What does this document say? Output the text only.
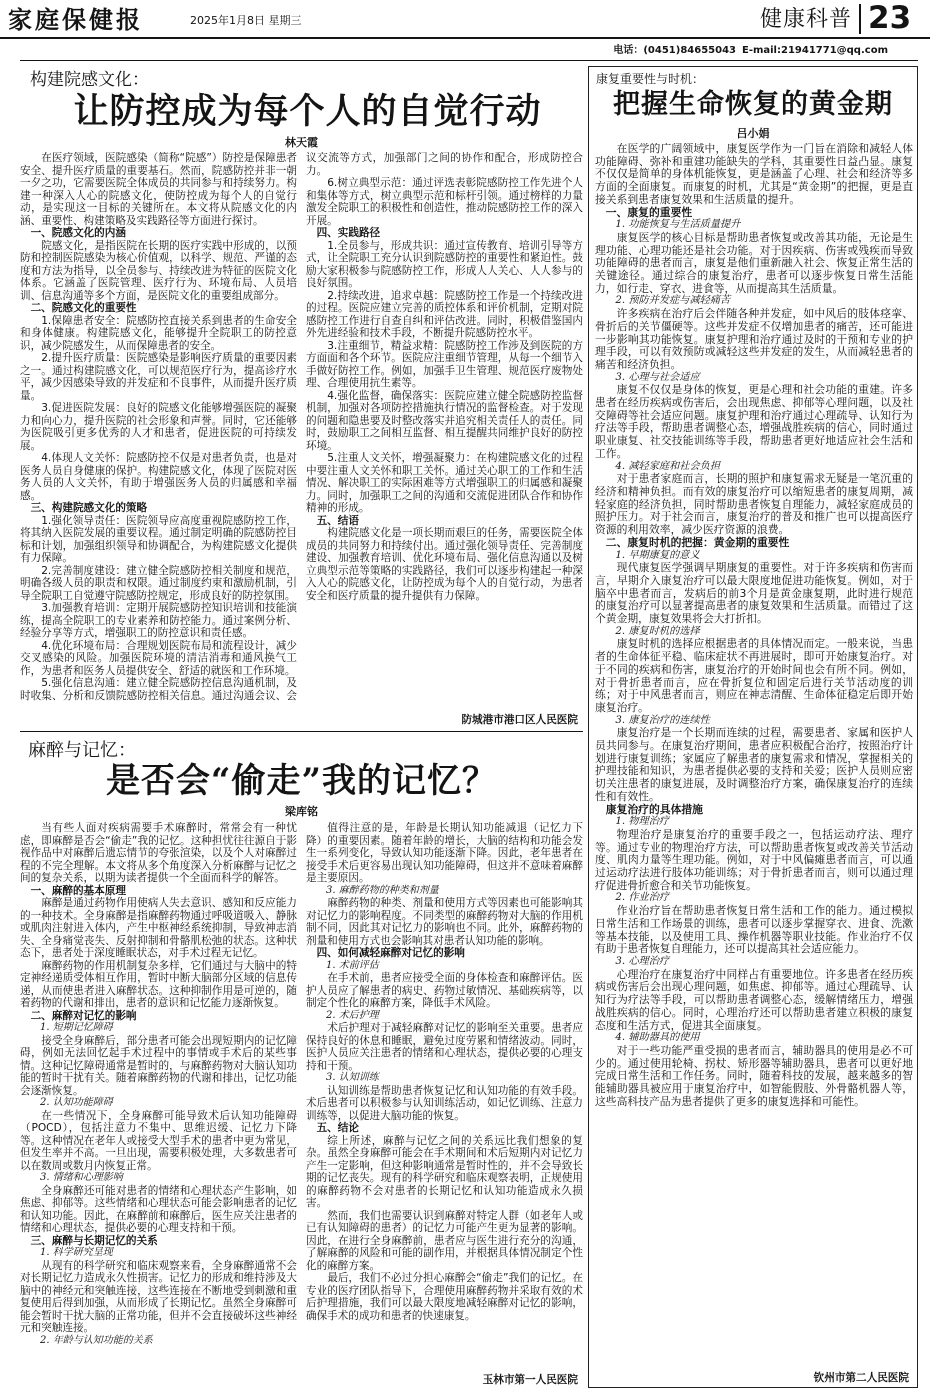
家庭保健报	2025年1月8日 星期三	健康科普 23
电话：(0451)84655043 E-mail:21941771@qq.com
构建院感文化：
让防控成为每个人的自觉行动
林天霞

在医疗领域，医院感染（简称“院感”）防控是保障患者安全、提升医疗质量的重要基石。然而，院感防控并非一朝一夕之功，它需要医院全体成员的共同参与和持续努力。构建一种深入人心的院感文化，使防控成为每个人的自觉行动，是实现这一目标的关键所在。本文将从院感文化的内涵、重要性、构建策略及实践路径等方面进行探讨。

一、院感文化的内涵

院感文化，是指医院在长期的医疗实践中形成的，以预防和控制医院感染为核心价值观，以科学、规范、严谨的态度和方法为指导，以全员参与、持续改进为特征的医院文化体系。它涵盖了医院管理、医疗行为、环境布局、人员培训、信息沟通等多个方面，是医院文化的重要组成部分。

二、院感文化的重要性

1.保障患者安全：院感防控直接关系到患者的生命安全和身体健康。构建院感文化，能够提升全院职工的防控意识，减少院感发生，从而保障患者的安全。

2.提升医疗质量：医院感染是影响医疗质量的重要因素之一。通过构建院感文化，可以规范医疗行为，提高诊疗水平，减少因感染导致的并发症和不良事件，从而提升医疗质量。

3.促进医院发展：良好的院感文化能够增强医院的凝聚力和向心力，提升医院的社会形象和声誉。同时，它还能够为医院吸引更多优秀的人才和患者，促进医院的可持续发展。

4.体现人文关怀：院感防控不仅是对患者负责，也是对医务人员自身健康的保护。构建院感文化，体现了医院对医务人员的人文关怀，有助于增强医务人员的归属感和幸福感。

三、构建院感文化的策略

1.强化领导责任：医院领导应高度重视院感防控工作，将其纳入医院发展的重要议程。通过制定明确的院感防控目标和计划，加强组织领导和协调配合，为构建院感文化提供有力保障。

2.完善制度建设：建立健全院感防控相关制度和规范，明确各级人员的职责和权限。通过制度约束和激励机制，引导全院职工自觉遵守院感防控规定，形成良好的防控氛围。

3.加强教育培训：定期开展院感防控知识培训和技能演练，提高全院职工的专业素养和防控能力。通过案例分析、经验分享等方式，增强职工的防控意识和责任感。

4.优化环境布局：合理规划医院布局和流程设计，减少交叉感染的风险。加强医院环境的清洁消毒和通风换气工作，为患者和医务人员提供安全、舒适的就医和工作环境。

5.强化信息沟通：建立健全院感防控信息沟通机制，及时收集、分析和反馈院感防控相关信息。通过沟通会议、会议交流等方式，加强部门之间的协作和配合，形成防控合力。

6.树立典型示范：通过评选表彰院感防控工作先进个人和集体等方式，树立典型示范和标杆引领。通过榜样的力量激发全院职工的积极性和创造性，推动院感防控工作的深入开展。

四、实践路径

1.全员参与，形成共识：通过宣传教育、培训引导等方式，让全院职工充分认识到院感防控的重要性和紧迫性。鼓励大家积极参与院感防控工作，形成人人关心、人人参与的良好氛围。

2.持续改进，追求卓越：院感防控工作是一个持续改进的过程。医院应建立完善的质控体系和评价机制，定期对院感防控工作进行自查自纠和评估改进。同时，积极借鉴国内外先进经验和技术手段，不断提升院感防控水平。

3.注重细节，精益求精：院感防控工作涉及到医院的方方面面和各个环节。医院应注重细节管理，从每一个细节入手做好防控工作。例如，加强手卫生管理、规范医疗废物处理、合理使用抗生素等。

4.强化监督，确保落实：医院应建立健全院感防控监督机制，加强对各项防控措施执行情况的监督检查。对于发现的问题和隐患要及时整改落实并追究相关责任人的责任。同时，鼓励职工之间相互监督、相互提醒共同维护良好的防控环境。

5.注重人文关怀，增强凝聚力：在构建院感文化的过程中要注重人文关怀和职工关怀。通过关心职工的工作和生活情况、解决职工的实际困难等方式增强职工的归属感和凝聚力。同时，加强职工之间的沟通和交流促进团队合作和协作精神的形成。

五、结语

构建院感文化是一项长期而艰巨的任务，需要医院全体成员的共同努力和持续付出。通过强化领导责任、完善制度建设、加强教育培训、优化环境布局、强化信息沟通以及树立典型示范等策略的实践路径，我们可以逐步构建起一种深入人心的院感文化，让防控成为每个人的自觉行动，为患者安全和医疗质量的提升提供有力保障。

防城港市港口区人民医院
麻醉与记忆：
是否会“偷走”我的记忆？
梁库铭

当有些人面对疾病需要手术麻醉时，常常会有一种忧虑，即麻醉是否会“偷走”我的记忆。这种担忧往往源自于影视作品中对麻醉后遗忘情节的夸张渲染，以及个人对麻醉过程的不完全理解。本文将从多个角度深入分析麻醉与记忆之间的复杂关系，以期为读者提供一个全面而科学的解答。

一、麻醉的基本原理

麻醉是通过药物作用使病人失去意识、感知和反应能力的一种技术。全身麻醉是指麻醉药物通过呼吸道吸入、静脉或肌肉注射进入体内，产生中枢神经系统抑制，导致神志消失、全身痛觉丧失、反射抑制和骨骼肌松弛的状态。这种状态下，患者处于深度睡眠状态，对手术过程无记忆。

麻醉药物的作用机制复杂多样，它们通过与大脑中的特定神经递质受体相互作用，暂时中断大脑部分区域的信息传递，从而使患者进入麻醉状态。这种抑制作用是可逆的，随着药物的代谢和排出，患者的意识和记忆能力逐渐恢复。

二、麻醉对记忆的影响

1. 短期记忆障碍

接受全身麻醉后，部分患者可能会出现短期内的记忆障碍，例如无法回忆起手术过程中的事情或手术后的某些事情。这种记忆障碍通常是暂时的，与麻醉药物对大脑认知功能的暂时干扰有关。随着麻醉药物的代谢和排出，记忆功能会逐渐恢复。

2. 认知功能障碍

在一些情况下，全身麻醉可能导致术后认知功能障碍（POCD），包括注意力不集中、思维迟缓、记忆力下降等。这种情况在老年人或接受大型手术的患者中更为常见，但发生率并不高。一旦出现，需要积极处理，大多数患者可以在数周或数月内恢复正常。

3. 情绪和心理影响

全身麻醉还可能对患者的情绪和心理状态产生影响，如焦虑、抑郁等。这些情绪和心理状态可能会影响患者的记忆和认知功能。因此，在麻醉前和麻醉后，医生应关注患者的情绪和心理状态，提供必要的心理支持和干预。

三、麻醉与长期记忆的关系

1. 科学研究呈现

从现有的科学研究和临床观察来看，全身麻醉通常不会对长期记忆力造成永久性损害。记忆力的形成和维持涉及大脑中的神经元和突触连接，这些连接在不断地受到刺激和重复使用后得到加强，从而形成了长期记忆。虽然全身麻醉可能会暂时干扰大脑的正常功能，但并不会直接破坏这些神经元和突触连接。

2. 年龄与认知功能的关系

值得注意的是，年龄是长期认知功能减退（记忆力下降）的重要因素。随着年龄的增长，大脑的结构和功能会发生一系列变化，导致认知功能逐渐下降。因此，老年患者在接受手术后更容易出现认知功能障碍，但这并不意味着麻醉是主要原因。

3. 麻醉药物的种类和剂量

麻醉药物的种类、剂量和使用方式等因素也可能影响其对记忆力的影响程度。不同类型的麻醉药物对大脑的作用机制不同，因此其对记忆力的影响也不同。此外，麻醉药物的剂量和使用方式也会影响其对患者认知功能的影响。

四、如何减轻麻醉对记忆的影响

1. 术前评估

在手术前，患者应接受全面的身体检查和麻醉评估。医护人员应了解患者的病史、药物过敏情况、基础疾病等，以制定个性化的麻醉方案，降低手术风险。

2. 术后护理

术后护理对于减轻麻醉对记忆的影响至关重要。患者应保持良好的休息和睡眠，避免过度劳累和情绪波动。同时，医护人员应关注患者的情绪和心理状态，提供必要的心理支持和干预。

3. 认知训练

认知训练是帮助患者恢复记忆和认知功能的有效手段。术后患者可以积极参与认知训练活动，如记忆训练、注意力训练等，以促进大脑功能的恢复。

五、结论

综上所述，麻醉与记忆之间的关系远比我们想象的复杂。虽然全身麻醉可能会在手术期间和术后短期内对记忆力产生一定影响，但这种影响通常是暂时性的，并不会导致长期的记忆丧失。现有的科学研究和临床观察表明，正规使用的麻醉药物不会对患者的长期记忆和认知功能造成永久损害。

然而，我们也需要认识到麻醉对特定人群（如老年人或已有认知障碍的患者）的记忆力可能产生更为显著的影响。因此，在进行全身麻醉前，患者应与医生进行充分的沟通，了解麻醉的风险和可能的副作用，并根据具体情况制定个性化的麻醉方案。

最后，我们不必过分担心麻醉会“偷走”我们的记忆。在专业的医疗团队指导下，合理使用麻醉药物并采取有效的术后护理措施，我们可以最大限度地减轻麻醉对记忆的影响，确保手术的成功和患者的快速康复。

玉林市第一人民医院
康复重要性与时机：
把握生命恢复的黄金期
吕小娟

在医学的广阔领域中，康复医学作为一门旨在消除和减轻人体功能障碍、弥补和重建功能缺失的学科，其重要性日益凸显。康复不仅仅是简单的身体机能恢复，更是涵盖了心理、社会和经济等多方面的全面康复。而康复的时机，尤其是“黄金期”的把握，更是直接关系到患者康复效果和生活质量的提升。

一、康复的重要性

1. 功能恢复与生活质量提升

康复医学的核心目标是帮助患者恢复或改善其功能，无论是生理功能、心理功能还是社会功能。对于因疾病、伤害或残疾而导致功能障碍的患者而言，康复是他们重新融入社会、恢复正常生活的关键途径。通过综合的康复治疗，患者可以逐步恢复日常生活能力，如行走、穿衣、进食等，从而提高其生活质量。

2. 预防并发症与减轻痛苦

许多疾病在治疗后会伴随各种并发症，如中风后的肢体痉挛、骨折后的关节僵硬等。这些并发症不仅增加患者的痛苦，还可能进一步影响其功能恢复。康复护理和治疗通过及时的干预和专业的护理手段，可以有效预防或减轻这些并发症的发生，从而减轻患者的痛苦和经济负担。

3. 心理与社会适应

康复不仅仅是身体的恢复，更是心理和社会功能的重建。许多患者在经历疾病或伤害后，会出现焦虑、抑郁等心理问题，以及社交障碍等社会适应问题。康复护理和治疗通过心理疏导、认知行为疗法等手段，帮助患者调整心态，增强战胜疾病的信心，同时通过职业康复、社交技能训练等手段，帮助患者更好地适应社会生活和工作。

4. 减轻家庭和社会负担

对于患者家庭而言，长期的照护和康复需求无疑是一笔沉重的经济和精神负担。而有效的康复治疗可以缩短患者的康复周期，减轻家庭的经济负担，同时帮助患者恢复自理能力，减轻家庭成员的照护压力。对于社会而言，康复治疗的普及和推广也可以提高医疗资源的利用效率，减少医疗资源的浪费。

二、康复时机的把握：黄金期的重要性

1. 早期康复的意义

现代康复医学强调早期康复的重要性。对于许多疾病和伤害而言，早期介入康复治疗可以最大限度地促进功能恢复。例如，对于脑卒中患者而言，发病后的前3个月是黄金康复期，此时进行规范的康复治疗可以显著提高患者的康复效果和生活质量。而错过了这个黄金期，康复效果将会大打折扣。

2. 康复时机的选择

康复时机的选择应根据患者的具体情况而定。一般来说，当患者的生命体征平稳、临床症状不再进展时，即可开始康复治疗。对于不同的疾病和伤害，康复治疗的开始时间也会有所不同。例如，对于骨折患者而言，应在骨折复位和固定后进行关节活动度的训练；对于中风患者而言，则应在神志清醒、生命体征稳定后即开始康复治疗。

3. 康复治疗的连续性

康复治疗是一个长期而连续的过程，需要患者、家属和医护人员共同参与。在康复治疗期间，患者应积极配合治疗，按照治疗计划进行康复训练；家属应了解患者的康复需求和情况，掌握相关的护理技能和知识，为患者提供必要的支持和关爱；医护人员则应密切关注患者的康复进展，及时调整治疗方案，确保康复治疗的连续性和有效性。

康复治疗的具体措施

1. 物理治疗

物理治疗是康复治疗的重要手段之一，包括运动疗法、理疗等。通过专业的物理治疗方法，可以帮助患者恢复或改善关节活动度、肌肉力量等生理功能。例如，对于中风偏瘫患者而言，可以通过运动疗法进行肢体功能训练；对于骨折患者而言，则可以通过理疗促进骨折愈合和关节功能恢复。

2. 作业治疗

作业治疗旨在帮助患者恢复日常生活和工作的能力。通过模拟日常生活和工作场景的训练，患者可以逐步掌握穿衣、进食、洗漱等基本技能，以及使用工具、操作机器等职业技能。作业治疗不仅有助于患者恢复自理能力，还可以提高其社会适应能力。

3. 心理治疗

心理治疗在康复治疗中同样占有重要地位。许多患者在经历疾病或伤害后会出现心理问题，如焦虑、抑郁等。通过心理疏导、认知行为疗法等手段，可以帮助患者调整心态，缓解情绪压力，增强战胜疾病的信心。同时，心理治疗还可以帮助患者建立积极的康复态度和生活方式，促进其全面康复。

4. 辅助器具的使用

对于一些功能严重受损的患者而言，辅助器具的使用是必不可少的。通过使用轮椅、拐杖、矫形器等辅助器具，患者可以更好地完成日常生活和工作任务。同时，随着科技的发展，越来越多的智能辅助器具被应用于康复治疗中，如智能假肢、外骨骼机器人等，这些高科技产品为患者提供了更多的康复选择和可能性。

钦州市第二人民医院
